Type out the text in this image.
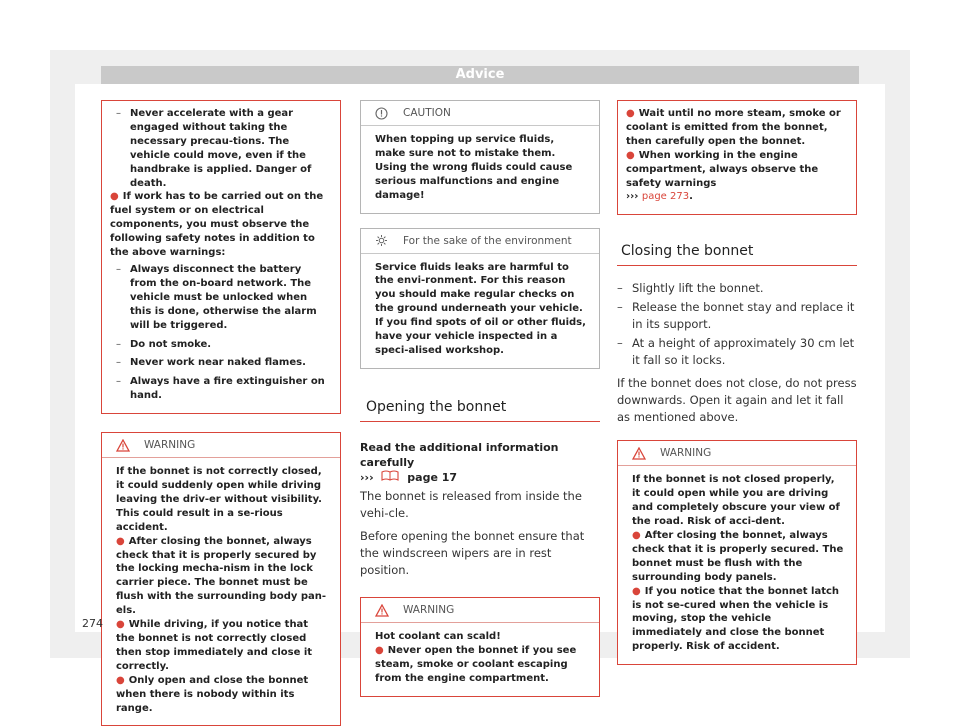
Advice
– Never accelerate with a gear engaged without taking the necessary precau-tions. The vehicle could move, even if the handbrake is applied. Danger of death.
● If work has to be carried out on the fuel system or on electrical components, you must observe the following safety notes in addition to the above warnings:
– Always disconnect the battery from the on-board network. The vehicle must be unlocked when this is done, otherwise the alarm will be triggered.
– Do not smoke.
– Never work near naked flames.
– Always have a fire extinguisher on hand.
WARNING
If the bonnet is not correctly closed, it could suddenly open while driving leaving the driv-er without visibility. This could result in a se-rious accident.
● After closing the bonnet, always check that it is properly secured by the locking mecha-nism in the lock carrier piece. The bonnet must be flush with the surrounding body pan-els.
● While driving, if you notice that the bonnet is not correctly closed then stop immediately and close it correctly.
● Only open and close the bonnet when there is nobody within its range.
CAUTION
When topping up service fluids, make sure not to mistake them. Using the wrong fluids could cause serious malfunctions and engine damage!
For the sake of the environment
Service fluids leaks are harmful to the envi-ronment. For this reason you should make regular checks on the ground underneath your vehicle. If you find spots of oil or other fluids, have your vehicle inspected in a speci-alised workshop.
Opening the bonnet
Read the additional information carefully
›››	page 17
The bonnet is released from inside the vehi-cle.
Before opening the bonnet ensure that the windscreen wipers are in rest position.
WARNING
Hot coolant can scald!
● Never open the bonnet if you see steam, smoke or coolant escaping from the engine compartment.
● Wait until no more steam, smoke or coolant is emitted from the bonnet, then carefully open the bonnet.
● When working in the engine compartment, always observe the safety warnings
››› page 273.
Closing the bonnet
– Slightly lift the bonnet.
– Release the bonnet stay and replace it in its support.
– At a height of approximately 30 cm let it fall so it locks.
If the bonnet does not close, do not press downwards. Open it again and let it fall as mentioned above.
WARNING
If the bonnet is not closed properly, it could open while you are driving and completely obscure your view of the road. Risk of acci-dent.
● After closing the bonnet, always check that it is properly secured. The bonnet must be flush with the surrounding body panels.
● If you notice that the bonnet latch is not se-cured when the vehicle is moving, stop the vehicle immediately and close the bonnet properly. Risk of accident.
274
